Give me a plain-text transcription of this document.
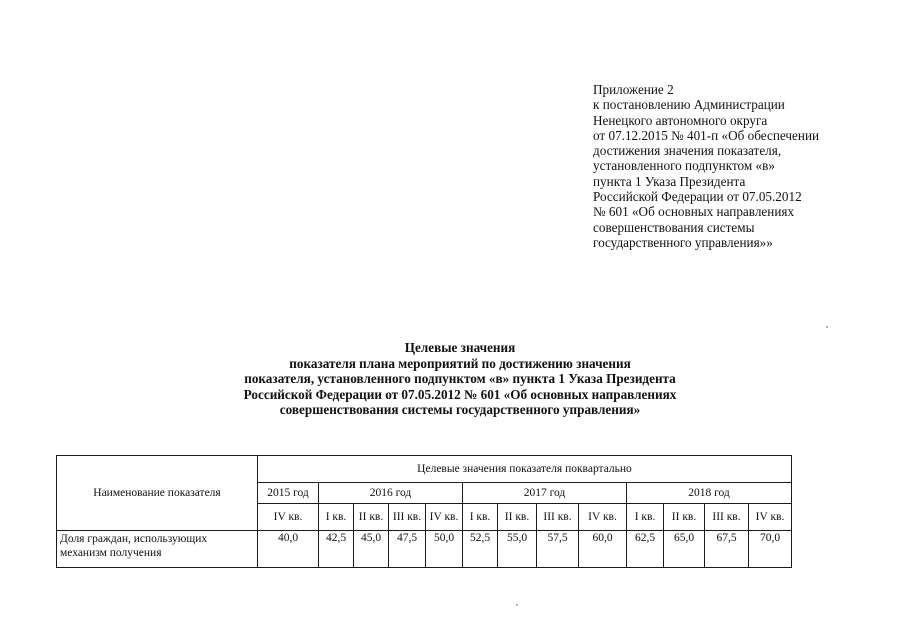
Приложение 2
к постановлению Администрации
Ненецкого автономного округа
от 07.12.2015 № 401-п «Об обеспечении
достижения значения показателя,
установленного подпунктом «в»
пункта 1 Указа Президента
Российской Федерации от 07.05.2012
№ 601 «Об основных направлениях
совершенствования системы
государственного управления»»
Целевые значения
показателя плана мероприятий по достижению значения
показателя, установленного подпунктом «в» пункта 1 Указа Президента
Российской Федерации от 07.05.2012 № 601 «Об основных направлениях
совершенствования системы государственного управления»
Наименование показателя	Целевые значения показателя поквартально												
	2015 год	2016 год				2017 год				2018 год			
	IV кв.	I кв.	II кв.	III кв.	IV кв.	I кв.	II кв.	III кв.	IV кв.	I кв.	II кв.	III кв.	IV кв.
Доля граждан, использующих механизм получения	40,0	42,5	45,0	47,5	50,0	52,5	55,0	57,5	60,0	62,5	65,0	67,5	70,0
